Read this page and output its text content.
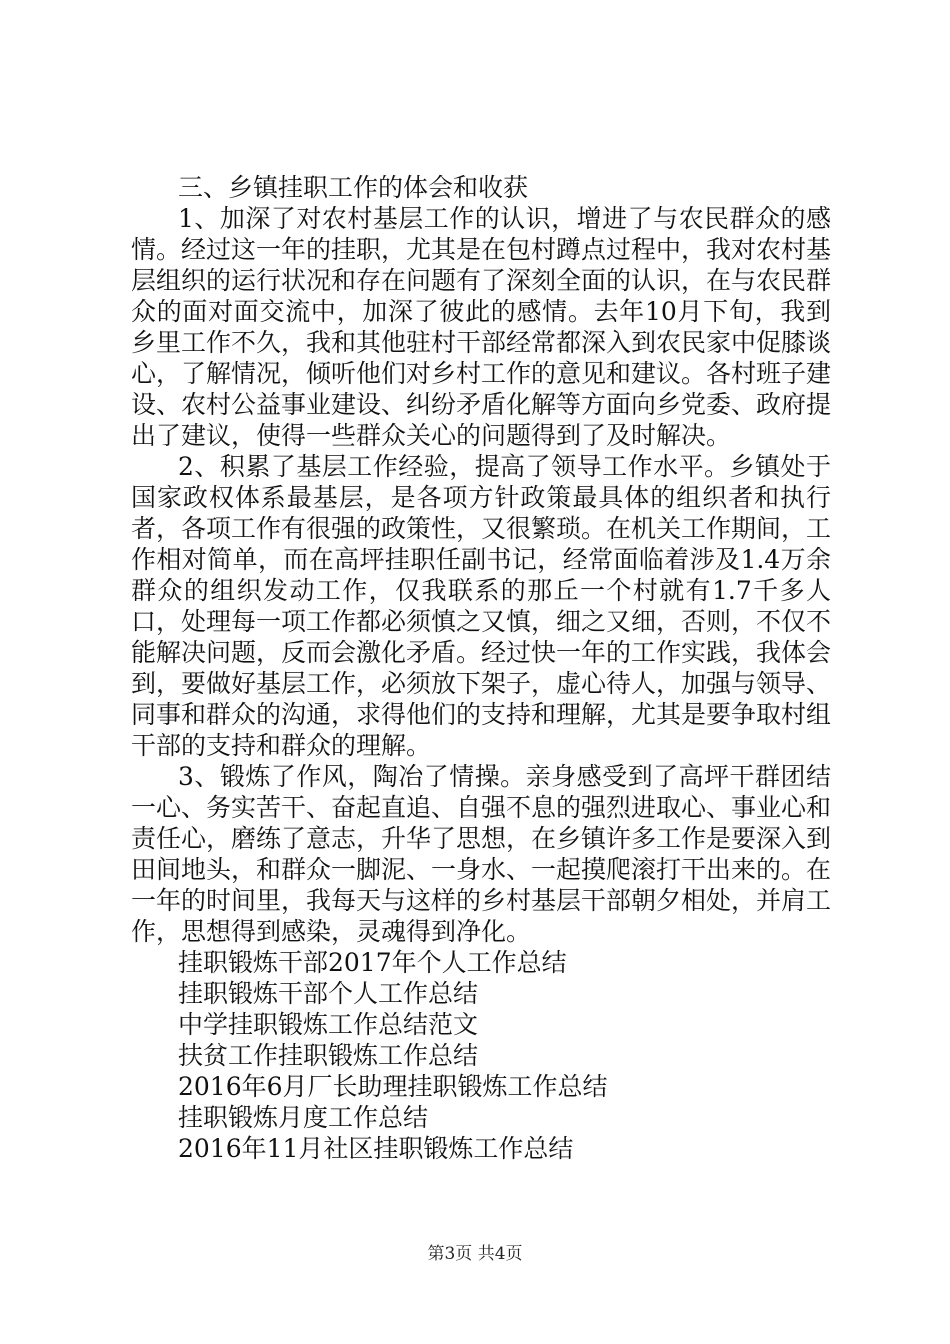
三、乡镇挂职工作的体会和收获

1、加深了对农村基层工作的认识，增进了与农民群众的感情。经过这一年的挂职，尤其是在包村蹲点过程中，我对农村基层组织的运行状况和存在问题有了深刻全面的认识，在与农民群众的面对面交流中，加深了彼此的感情。去年10月下旬，我到乡里工作不久，我和其他驻村干部经常都深入到农民家中促膝谈心，了解情况，倾听他们对乡村工作的意见和建议。各村班子建设、农村公益事业建设、纠纷矛盾化解等方面向乡党委、政府提出了建议，使得一些群众关心的问题得到了及时解决。

2、积累了基层工作经验，提高了领导工作水平。乡镇处于国家政权体系最基层，是各项方针政策最具体的组织者和执行者，各项工作有很强的政策性，又很繁琐。在机关工作期间，工作相对简单，而在高坪挂职任副书记，经常面临着涉及1.4万余群众的组织发动工作，仅我联系的那丘一个村就有1.7千多人口，处理每一项工作都必须慎之又慎，细之又细，否则，不仅不能解决问题，反而会激化矛盾。经过快一年的工作实践，我体会到，要做好基层工作，必须放下架子，虚心待人，加强与领导、同事和群众的沟通，求得他们的支持和理解，尤其是要争取村组干部的支持和群众的理解。

3、锻炼了作风，陶冶了情操。亲身感受到了高坪干群团结一心、务实苦干、奋起直追、自强不息的强烈进取心、事业心和责任心，磨练了意志，升华了思想，在乡镇许多工作是要深入到田间地头，和群众一脚泥、一身水、一起摸爬滚打干出来的。在一年的时间里，我每天与这样的乡村基层干部朝夕相处，并肩工作，思想得到感染，灵魂得到净化。

挂职锻炼干部2017年个人工作总结
挂职锻炼干部个人工作总结
中学挂职锻炼工作总结范文
扶贫工作挂职锻炼工作总结
2016年6月厂长助理挂职锻炼工作总结
挂职锻炼月度工作总结
2016年11月社区挂职锻炼工作总结
第3页 共4页
